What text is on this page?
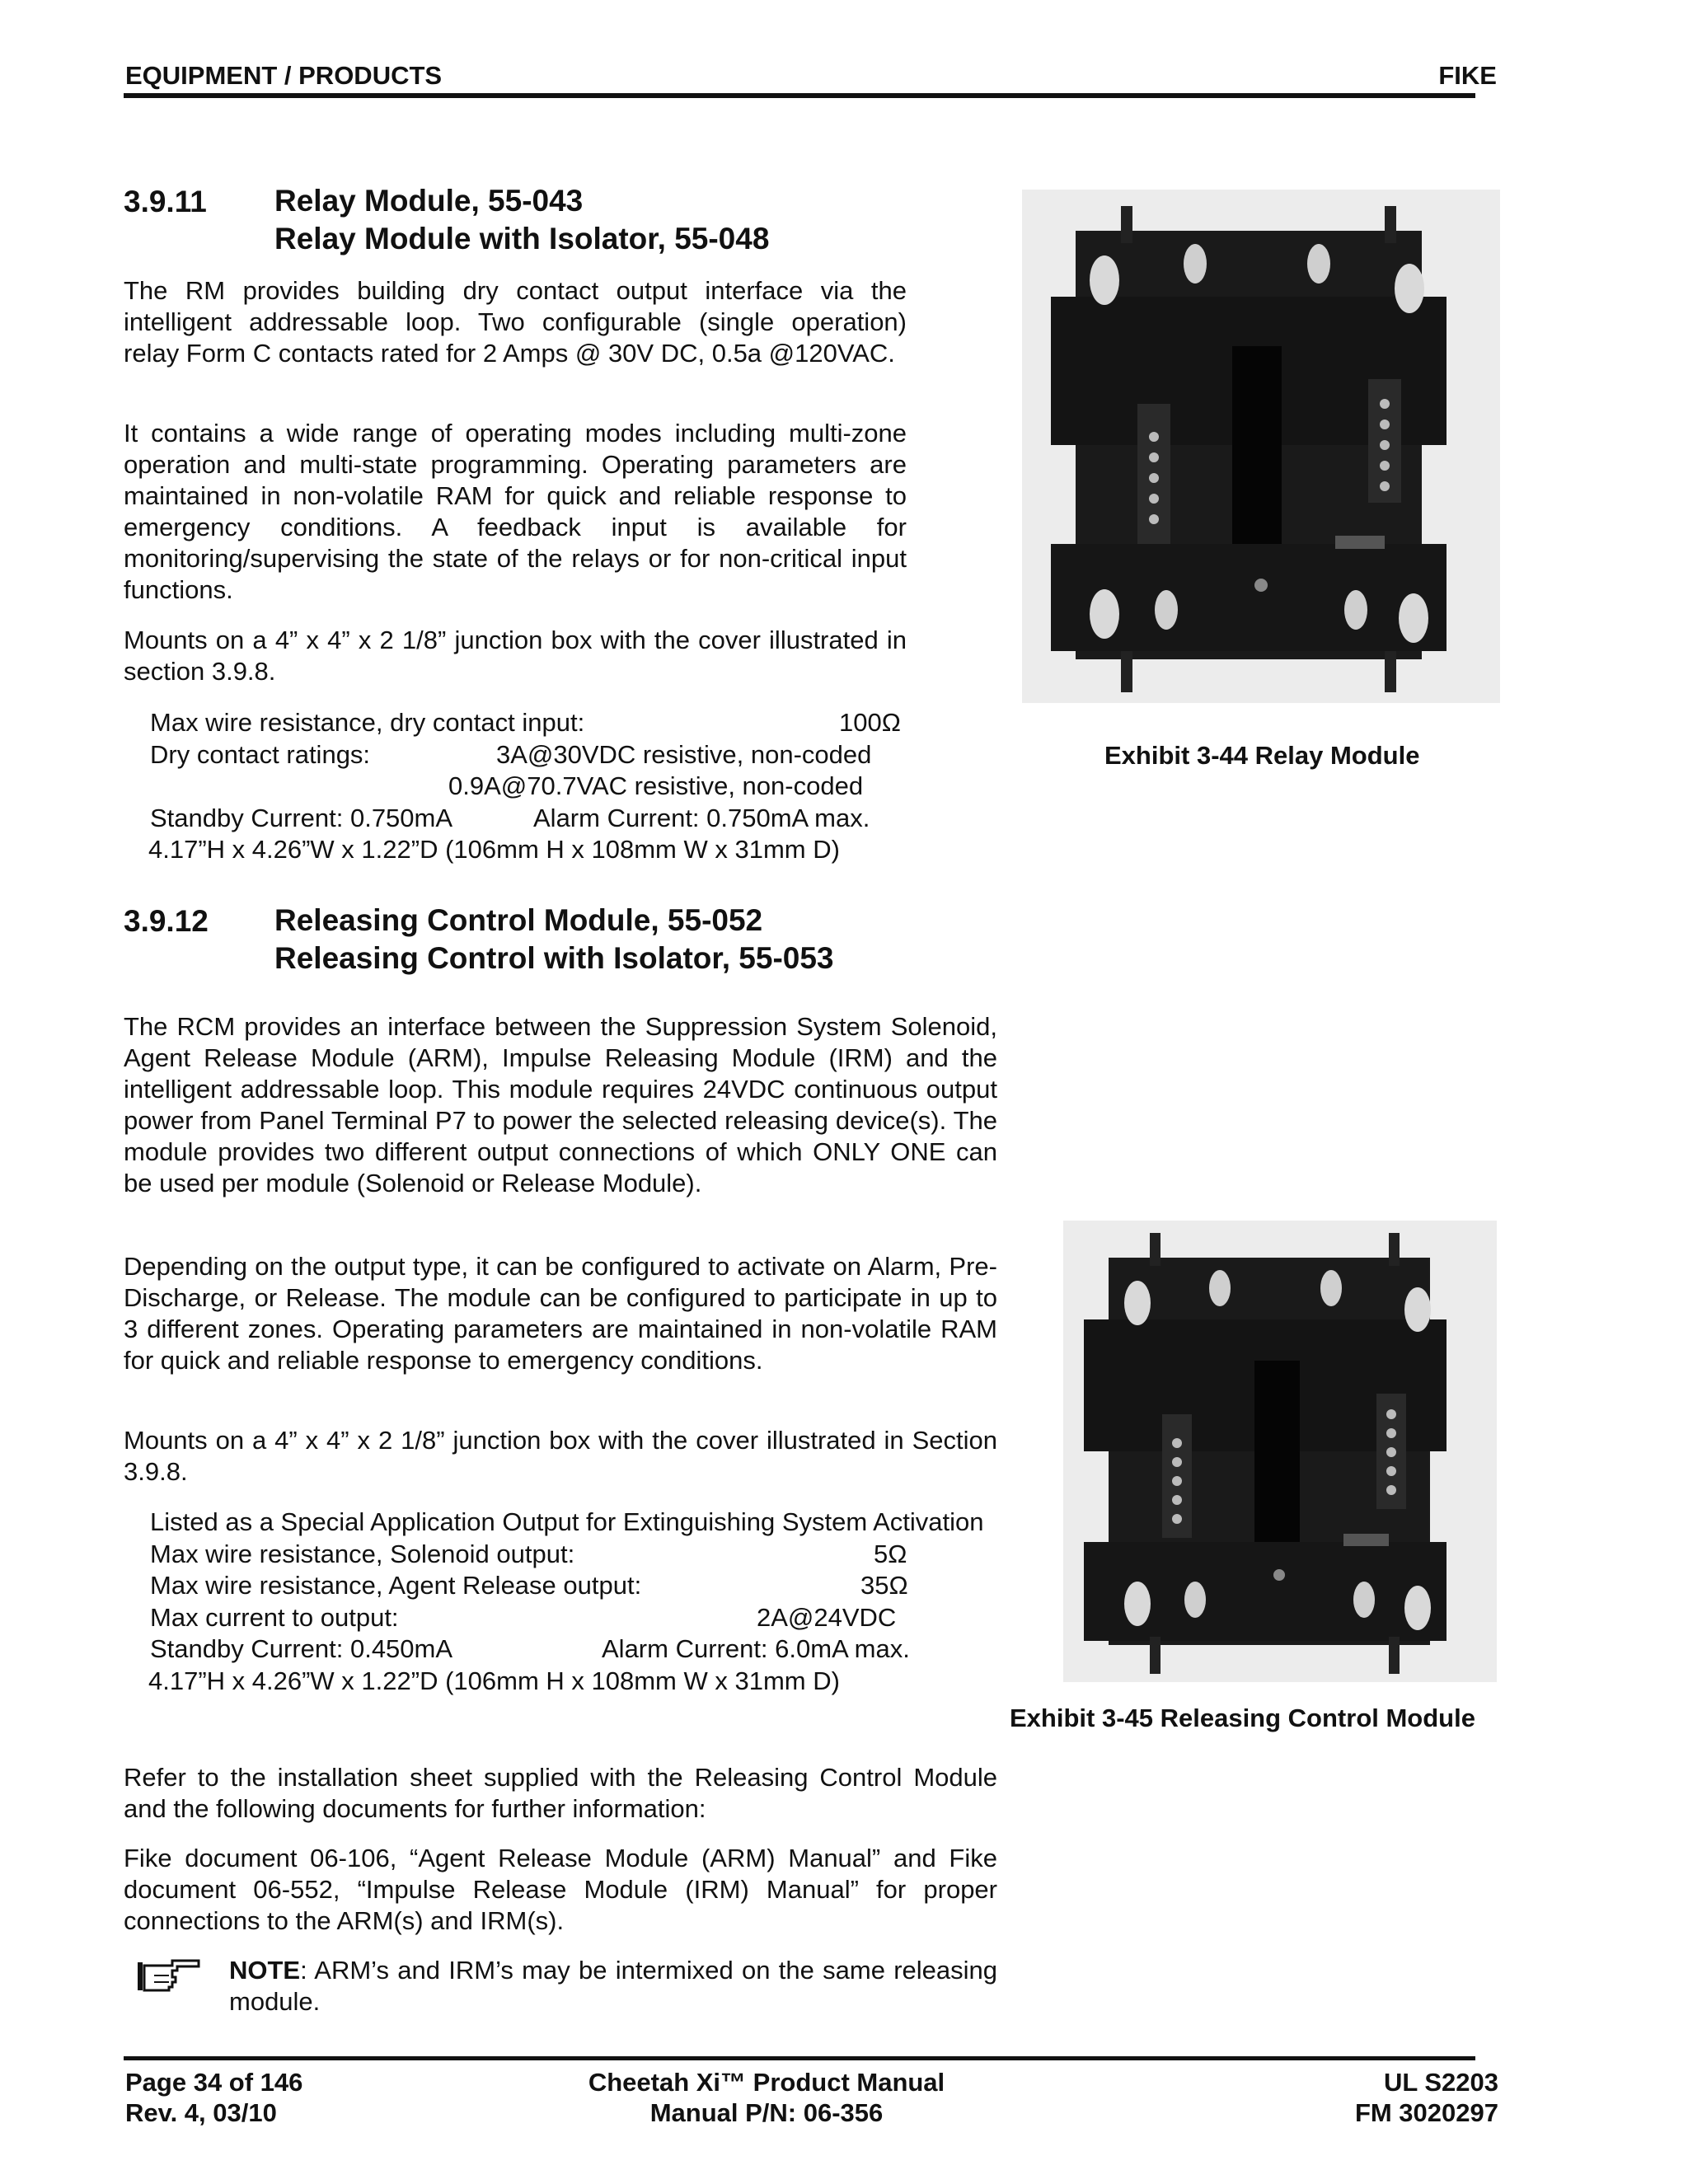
EQUIPMENT / PRODUCTS	FIKE
3.9.11 Relay Module, 55-043
Relay Module with Isolator, 55-048
The RM provides building dry contact output interface via the intelligent addressable loop. Two configurable (single operation) relay Form C contacts rated for 2 Amps @ 30V DC, 0.5a @120VAC.
It contains a wide range of operating modes including multi-zone operation and multi-state programming. Operating parameters are maintained in non-volatile RAM for quick and reliable response to emergency conditions. A feedback input is available for monitoring/supervising the state of the relays or for non-critical input functions.
Mounts on a 4” x 4” x 2 1/8” junction box with the cover illustrated in section 3.9.8.
Max wire resistance, dry contact input:	100Ω
Dry contact ratings:	3A@30VDC resistive, non-coded
0.9A@70.7VAC resistive, non-coded
Standby Current: 0.750mA	Alarm Current: 0.750mA max.
4.17”H x 4.26”W x 1.22”D (106mm H x 108mm W x 31mm D)
Exhibit 3-44 Relay Module
3.9.12 Releasing Control Module, 55-052
Releasing Control with Isolator, 55-053
The RCM provides an interface between the Suppression System Solenoid, Agent Release Module (ARM), Impulse Releasing Module (IRM) and the intelligent addressable loop. This module requires 24VDC continuous output power from Panel Terminal P7 to power the selected releasing device(s). The module provides two different output connections of which ONLY ONE can be used per module (Solenoid or Release Module).
Depending on the output type, it can be configured to activate on Alarm, Pre-Discharge, or Release. The module can be configured to participate in up to 3 different zones. Operating parameters are maintained in non-volatile RAM for quick and reliable response to emergency conditions.
Mounts on a 4” x 4” x 2 1/8” junction box with the cover illustrated in Section 3.9.8.
Listed as a Special Application Output for Extinguishing System Activation
Max wire resistance, Solenoid output:	5Ω
Max wire resistance, Agent Release output:	35Ω
Max current to output:	2A@24VDC
Standby Current: 0.450mA	Alarm Current: 6.0mA max.
4.17”H x 4.26”W x 1.22”D (106mm H x 108mm W x 31mm D)
Exhibit 3-45 Releasing Control Module
Refer to the installation sheet supplied with the Releasing Control Module and the following documents for further information:
Fike document 06-106, “Agent Release Module (ARM) Manual” and Fike document 06-552, “Impulse Release Module (IRM) Manual” for proper connections to the ARM(s) and IRM(s).
NOTE: ARM’s and IRM’s may be intermixed on the same releasing module.
Page 34 of 146
Rev. 4, 03/10
Cheetah Xi™ Product Manual
Manual P/N: 06-356
UL S2203
FM 3020297
